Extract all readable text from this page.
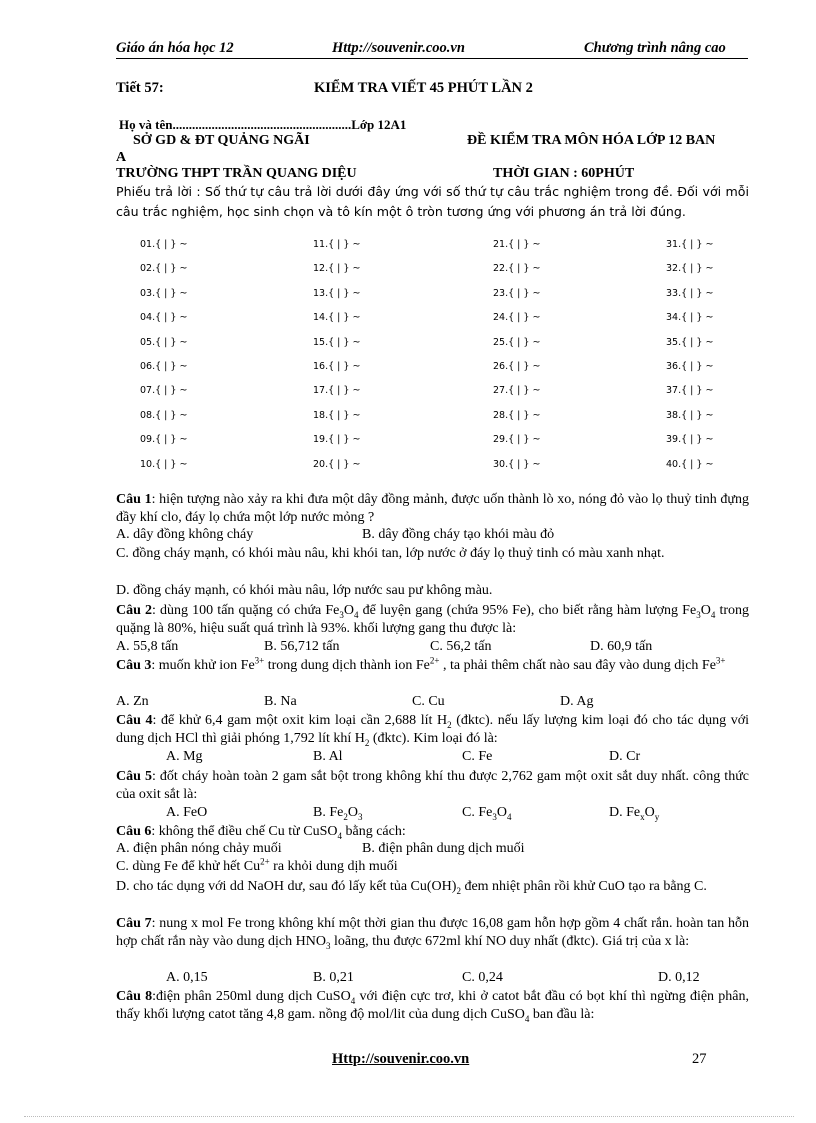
Giáo án hóa học 12	Http://souvenir.coo.vn	Chương trình nâng cao
Tiết 57:	KIỂM TRA VIẾT 45 PHÚT LẦN 2
Họ và tên.......................................................Lớp 12A1
SỞ GD & ĐT QUẢNG NGÃI	ĐỀ KIỂM TRA MÔN HÓA LỚP 12 BAN
A
TRƯỜNG THPT TRẦN QUANG DIỆU	THỜI GIAN : 60PHÚT
Phiếu trả lời : Số thứ tự câu trả lời dưới đây ứng với số thứ tự câu trắc nghiệm trong đề. Đối với mỗi câu trắc nghiệm, học sinh chọn và tô kín một ô tròn tương ứng với phương án trả lời đúng.
01.{ | } ~	11.{ | } ~	21.{ | } ~	31.{ | } ~
02.{ | } ~	12.{ | } ~	22.{ | } ~	32.{ | } ~
03.{ | } ~	13.{ | } ~	23.{ | } ~	33.{ | } ~
04.{ | } ~	14.{ | } ~	24.{ | } ~	34.{ | } ~
05.{ | } ~	15.{ | } ~	25.{ | } ~	35.{ | } ~
06.{ | } ~	16.{ | } ~	26.{ | } ~	36.{ | } ~
07.{ | } ~	17.{ | } ~	27.{ | } ~	37.{ | } ~
08.{ | } ~	18.{ | } ~	28.{ | } ~	38.{ | } ~
09.{ | } ~	19.{ | } ~	29.{ | } ~	39.{ | } ~
10.{ | } ~	20.{ | } ~	30.{ | } ~	40.{ | } ~
Câu 1: hiện tượng nào xảy ra khi đưa một dây đồng mảnh, được uốn thành lò xo, nóng đỏ vào lọ thuỷ tinh đựng đầy khí clo, đáy lọ chứa một lớp nước mỏng ?
A. dây đồng không cháy	B. dây đồng cháy tạo khói màu đỏ
C. đồng cháy mạnh, có khói màu nâu, khi khói tan, lớp nước ở đáy lọ thuỷ tinh có màu xanh nhạt.
D. đồng cháy mạnh, có khói màu nâu, lớp nước sau pư không màu.
Câu 2: dùng 100 tấn quặng có chứa $Fe_3O_4$ để luyện gang (chứa 95% Fe), cho biết rằng hàm lượng $Fe_3O_4$ trong quặng là 80%, hiệu suất quá trình là 93%. khối lượng gang thu được là:
A. 55,8 tấn	B. 56,712 tấn	C. 56,2 tấn	D. 60,9 tấn
Câu 3: muốn khử ion $Fe^{3+}$ trong dung dịch thành ion $Fe^{2+}$ , ta phải thêm chất nào sau đây vào dung dịch $Fe^{3+}$
A. Zn	B. Na	C. Cu	D. Ag
Câu 4: để khử 6,4 gam một oxit kim loại cần 2,688 lít $H_2$ (đktc). nếu lấy lượng kim loại đó cho tác dụng với dung dịch HCl thì giải phóng 1,792 lít khí $H_2$ (đktc). Kim loại đó là:
A. Mg	B. Al	C. Fe	D. Cr
Câu 5: đốt cháy hoàn toàn 2 gam sắt bột trong không khí thu được 2,762 gam một oxit sắt duy nhất. công thức của oxit sắt là:
A. FeO	B. $Fe_2O_3$	C. $Fe_3O_4$	D. $Fe_xO_y$
Câu 6: không thể điều chế Cu từ CuSO$_4$ bằng cách:
A. điện phân nóng chảy muối	B. điện phân dung dịch muối
C. dùng Fe để khử hết $Cu^{2+}$ ra khỏi dung dịh muối
D. cho tác dụng với dd NaOH dư, sau đó lấy kết tủa $Cu(OH)_2$ đem nhiệt phân rồi khử CuO tạo ra bằng C.
Câu 7: nung x mol Fe trong không khí một thời gian thu được 16,08 gam hỗn hợp gồm 4 chất rắn. hoàn tan hỗn hợp chất rắn này vào dung dịch $HNO_3$ loãng, thu được 672ml khí NO duy nhất (đktc). Giá trị của x là:
A. 0,15	B. 0,21	C. 0,24	D. 0,12
Câu 8:điện phân 250ml dung dịch CuSO$_4$ với điện cực trơ, khi ở catot bắt đầu có bọt khí thì ngừng điện phân, thấy khối lượng catot tăng 4,8 gam. nồng độ mol/lit của dung dịch CuSO$_4$ ban đầu là:
Http://souvenir.coo.vn	27
